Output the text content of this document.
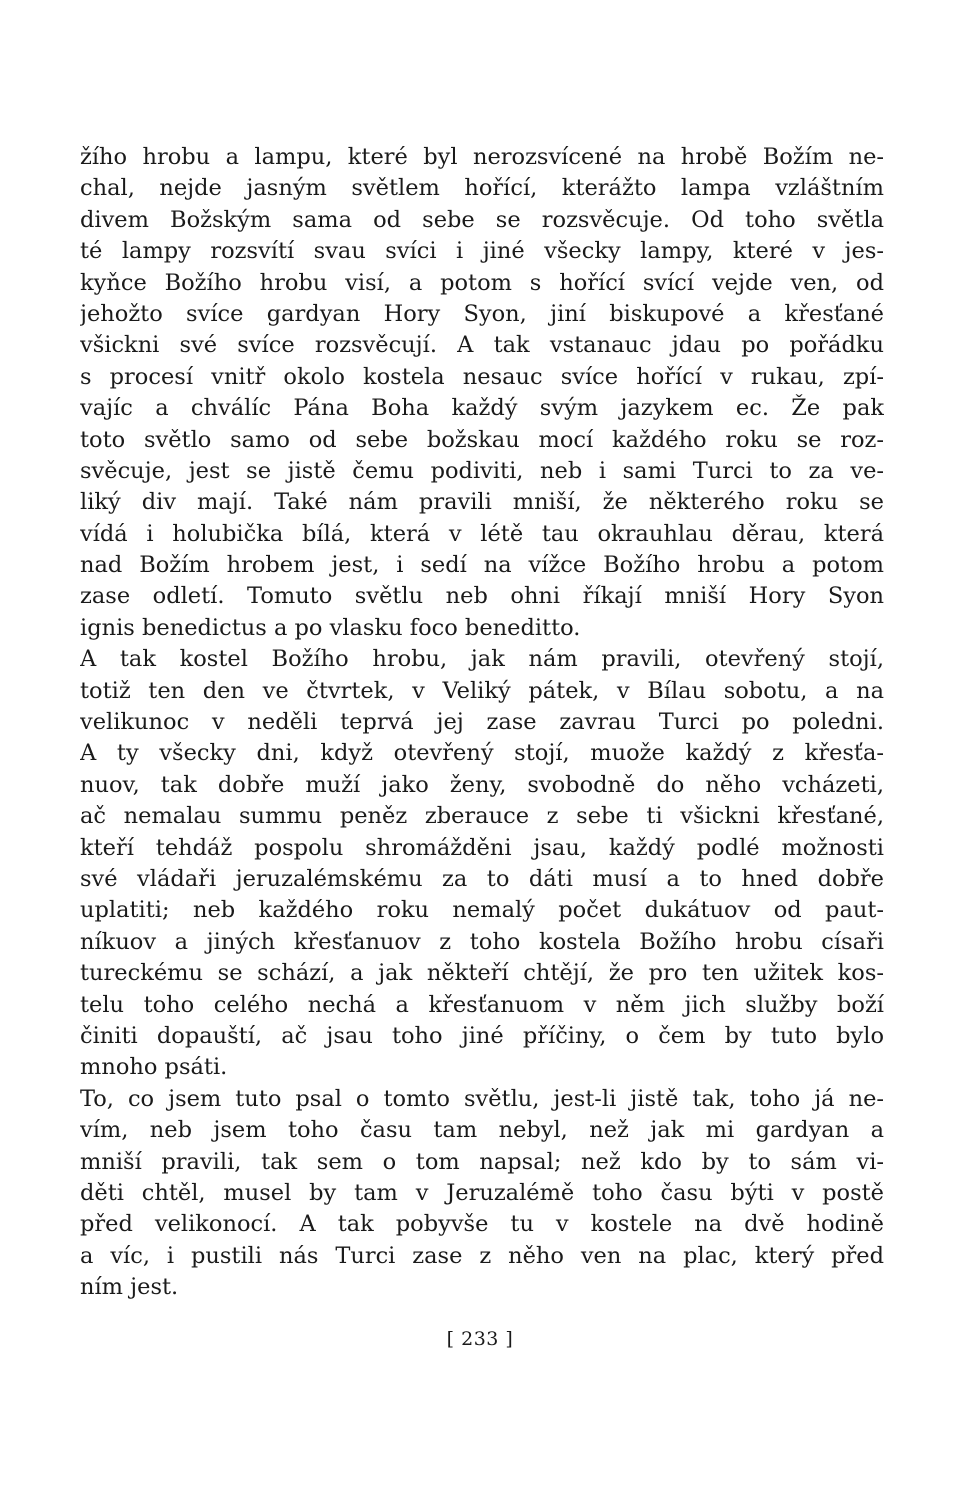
žího hrobu a lampu, které byl nerozsvícené na hrobě Božím ne-
chal, nejde jasným světlem hořící, kterážto lampa vzláštním
divem Božským sama od sebe se rozsvěcuje. Od toho světla
té lampy rozsvítí svau svíci i jiné všecky lampy, které v jes-
kyňce Božího hrobu visí, a potom s hořící svící vejde ven, od
jehožto svíce gardyan Hory Syon, jiní biskupové a křesťané
všickni své svíce rozsvěcují. A tak vstanauc jdau po pořádku
s procesí vnitř okolo kostela nesauc svíce hořící v rukau, zpí-
vajíc a chválíc Pána Boha každý svým jazykem ec. Že pak
toto světlo samo od sebe božskau mocí každého roku se roz-
svěcuje, jest se jistě čemu podiviti, neb i sami Turci to za ve-
liký div mají. Také nám pravili mniší, že některého roku se
vídá i holubička bílá, která v létě tau okrauhlau děrau, která
nad Božím hrobem jest, i sedí na vížce Božího hrobu a potom
zase odletí. Tomuto světlu neb ohni říkají mniší Hory Syon
ignis benedictus a po vlasku foco beneditto.
A tak kostel Božího hrobu, jak nám pravili, otevřený stojí,
totiž ten den ve čtvrtek, v Veliký pátek, v Bílau sobotu, a na
velikunoc v neděli teprvá jej zase zavrau Turci po poledni.
A ty všecky dni, když otevřený stojí, muože každý z křesťa-
nuov, tak dobře muží jako ženy, svobodně do něho vcházeti,
ač nemalau summu peněz zberauce z sebe ti všickni křesťané,
kteří tehdáž pospolu shromážděni jsau, každý podlé možnosti
své vládaři jeruzalémskému za to dáti musí a to hned dobře
uplatiti; neb každého roku nemalý počet dukátuov od paut-
níkuov a jiných křesťanuov z toho kostela Božího hrobu císaři
tureckému se schází, a jak někteří chtějí, že pro ten užitek kos-
telu toho celého nechá a křesťanuom v něm jich služby boží
činiti dopauští, ač jsau toho jiné příčiny, o čem by tuto bylo
mnoho psáti.
To, co jsem tuto psal o tomto světlu, jest-li jistě tak, toho já ne-
vím, neb jsem toho času tam nebyl, než jak mi gardyan a
mniší pravili, tak sem o tom napsal; než kdo by to sám vi-
děti chtěl, musel by tam v Jeruzalémě toho času býti v postě
před velikonocí. A tak pobyvše tu v kostele na dvě hodině
a víc, i pustili nás Turci zase z něho ven na plac, který před
ním jest.
[ 233 ]
